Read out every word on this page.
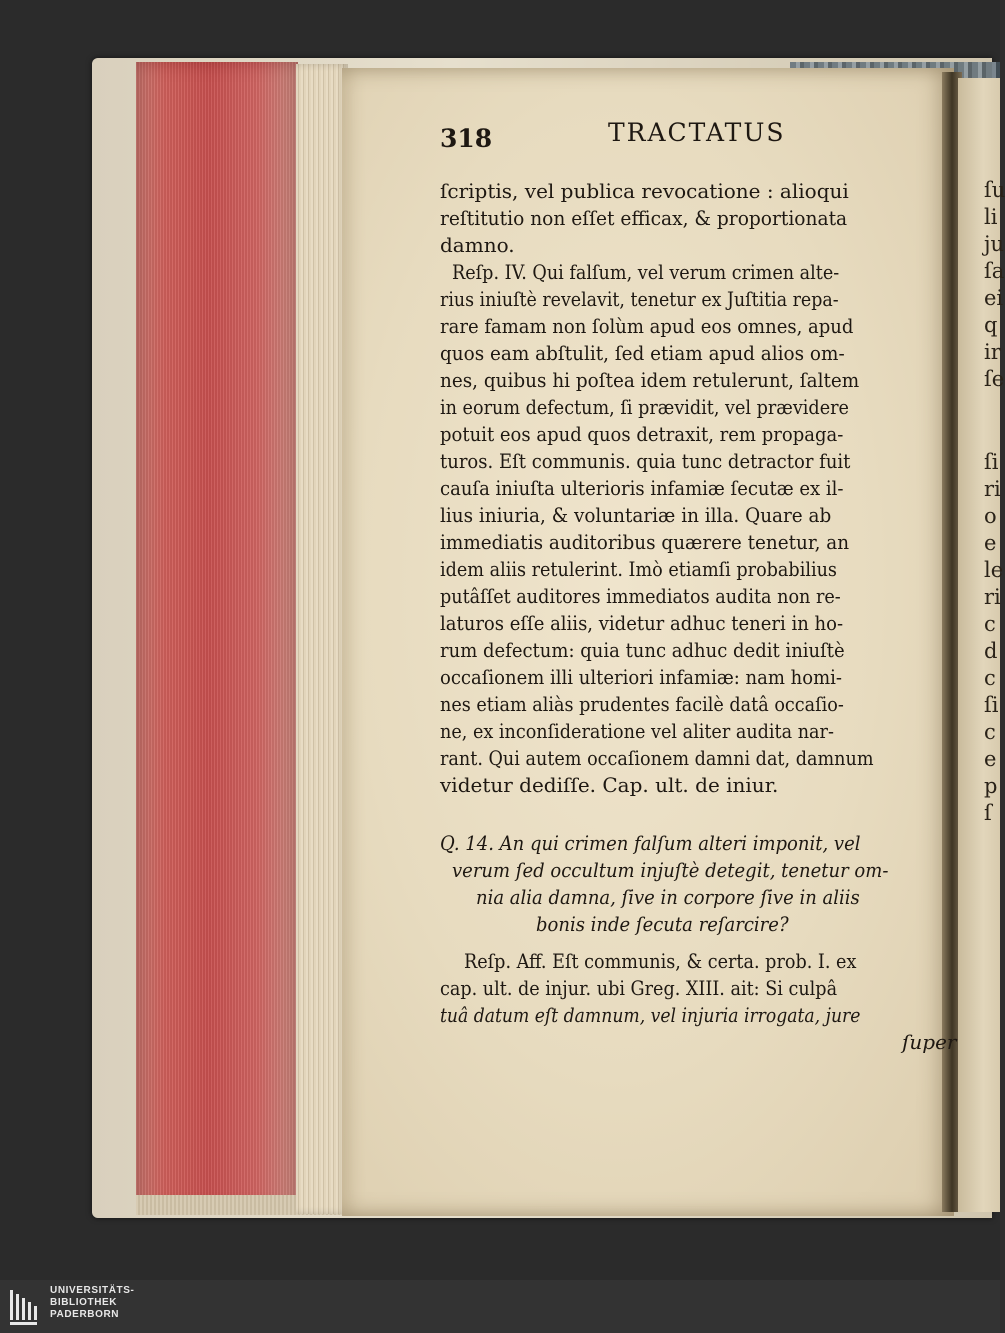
ſu
li
ju
ſa
ei
q
ir
ſe
ſi
ri
o
e
le
ri
c
d
c
ſi
c
e
p
ſ
318	TRACTATUS
ſcriptis, vel publica revocatione : alioqui
reſtitutio non eſſet efficax, & proportionata
damno.
Reſp. IV. Qui falſum, vel verum crimen alte-
rius iniuſtè revelavit, tenetur ex Juſtitia repa-
rare famam non ſolùm apud eos omnes, apud
quos eam abſtulit, ſed etiam apud alios om-
nes, quibus hi poſtea idem retulerunt, ſaltem
in eorum defectum, ſi prævidit, vel prævidere
potuit eos apud quos detraxit, rem propaga-
turos. Eſt communis. quia tunc detractor fuit
cauſa iniuſta ulterioris infamiæ ſecutæ ex il-
lius iniuria, & voluntariæ in illa. Quare ab
immediatis auditoribus quærere tenetur, an
idem aliis retulerint. Imò etiamſi probabilius
putâſſet auditores immediatos audita non re-
laturos eſſe aliis, videtur adhuc teneri in ho-
rum defectum: quia tunc adhuc dedit iniuſtè
occaſionem illi ulteriori infamiæ: nam homi-
nes etiam aliàs prudentes facilè datâ occaſio-
ne, ex inconſideratione vel aliter audita nar-
rant. Qui autem occaſionem damni dat, damnum
videtur dediſſe. Cap. ult. de iniur.
Q. 14. An qui crimen falſum alteri imponit, vel
verum ſed occultum injuſtè detegit, tenetur om-
nia alia damna, ſive in corpore ſive in aliis
bonis inde ſecuta reſarcire?
Reſp. Aff. Eſt communis, & certa. prob. I. ex
cap. ult. de injur. ubi Greg. XIII. ait: Si culpâ
tuâ datum eſt damnum, vel injuria irrogata, jure
ſuper
UNIVERSITÄTS-
BIBLIOTHEK
PADERBORN
